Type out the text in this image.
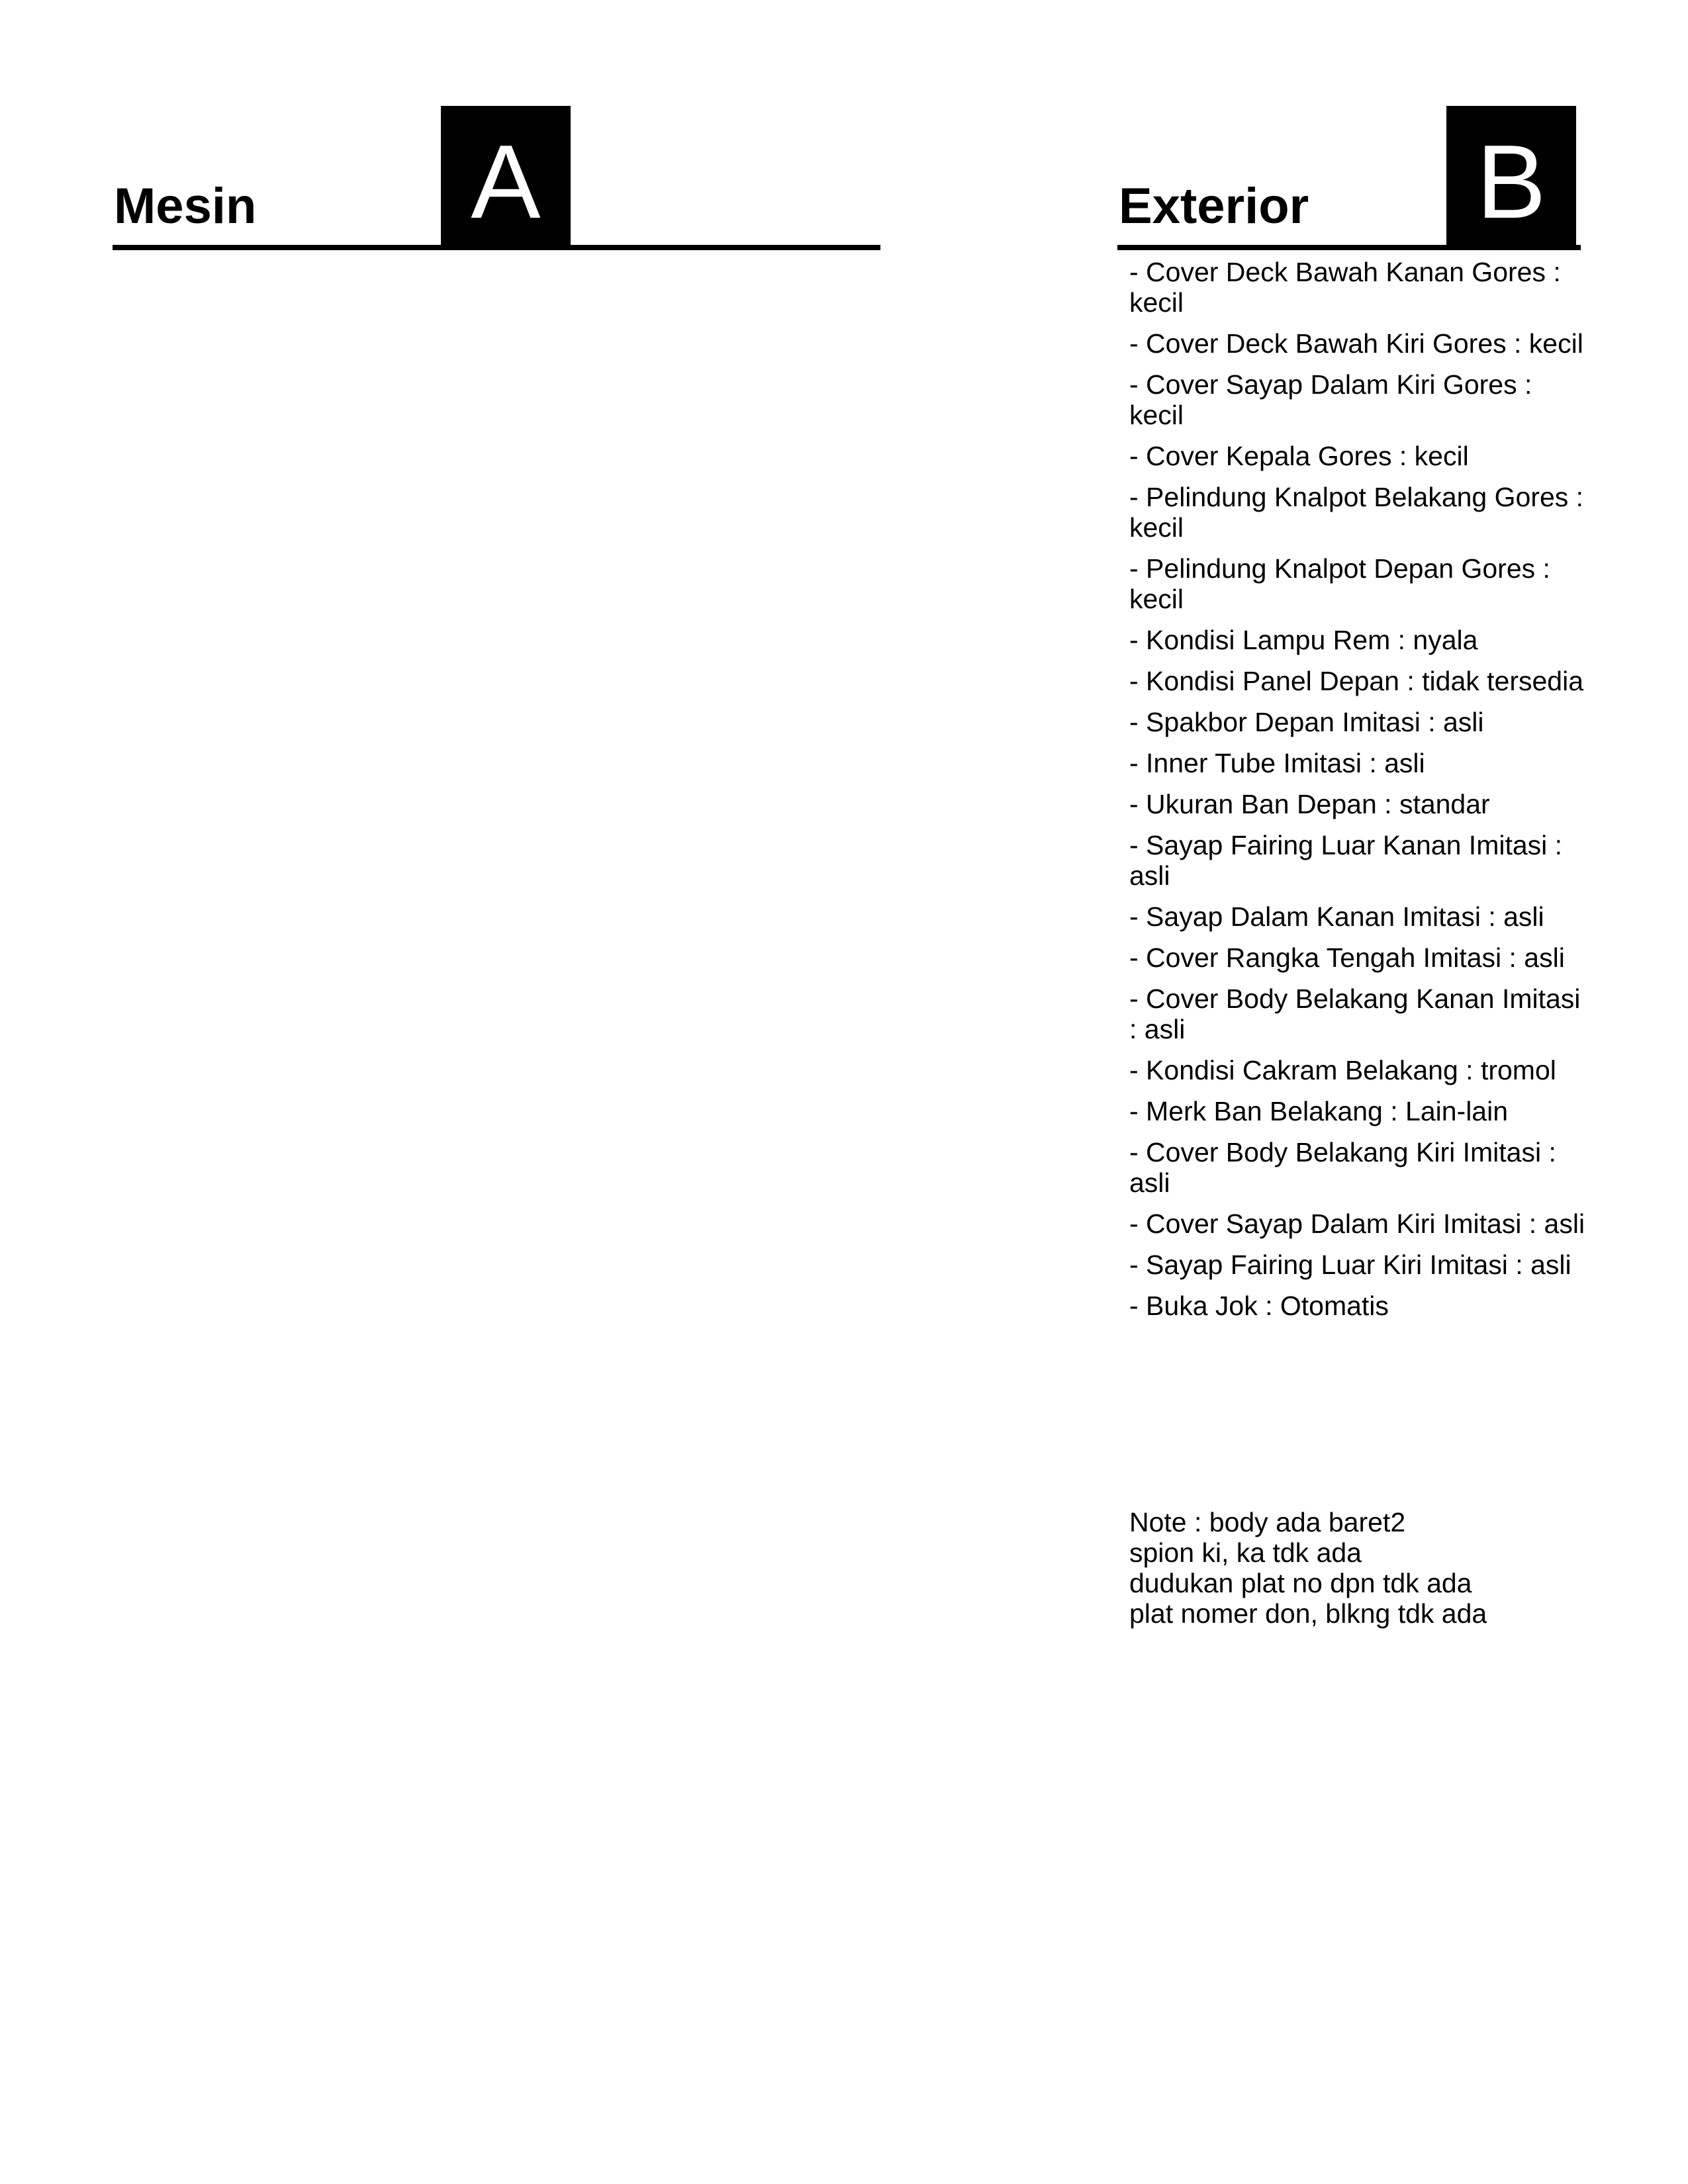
Mesin A	Exterior B
- Cover Deck Bawah Kanan Gores : kecil
- Cover Deck Bawah Kiri Gores : kecil
- Cover Sayap Dalam Kiri Gores : kecil
- Cover Kepala Gores : kecil
- Pelindung Knalpot Belakang Gores : kecil
- Pelindung Knalpot Depan Gores : kecil
- Kondisi Lampu Rem : nyala
- Kondisi Panel Depan : tidak tersedia
- Spakbor Depan Imitasi : asli
- Inner Tube Imitasi : asli
- Ukuran Ban Depan : standar
- Sayap Fairing Luar Kanan Imitasi : asli
- Sayap Dalam Kanan Imitasi : asli
- Cover Rangka Tengah Imitasi : asli
- Cover Body Belakang Kanan Imitasi : asli
- Kondisi Cakram Belakang : tromol
- Merk Ban Belakang : Lain-lain
- Cover Body Belakang Kiri Imitasi : asli
- Cover Sayap Dalam Kiri Imitasi : asli
- Sayap Fairing Luar Kiri Imitasi : asli
- Buka Jok : Otomatis
Note : body ada baret2
spion ki, ka tdk ada
dudukan plat no dpn tdk ada
plat nomer don, blkng tdk ada
